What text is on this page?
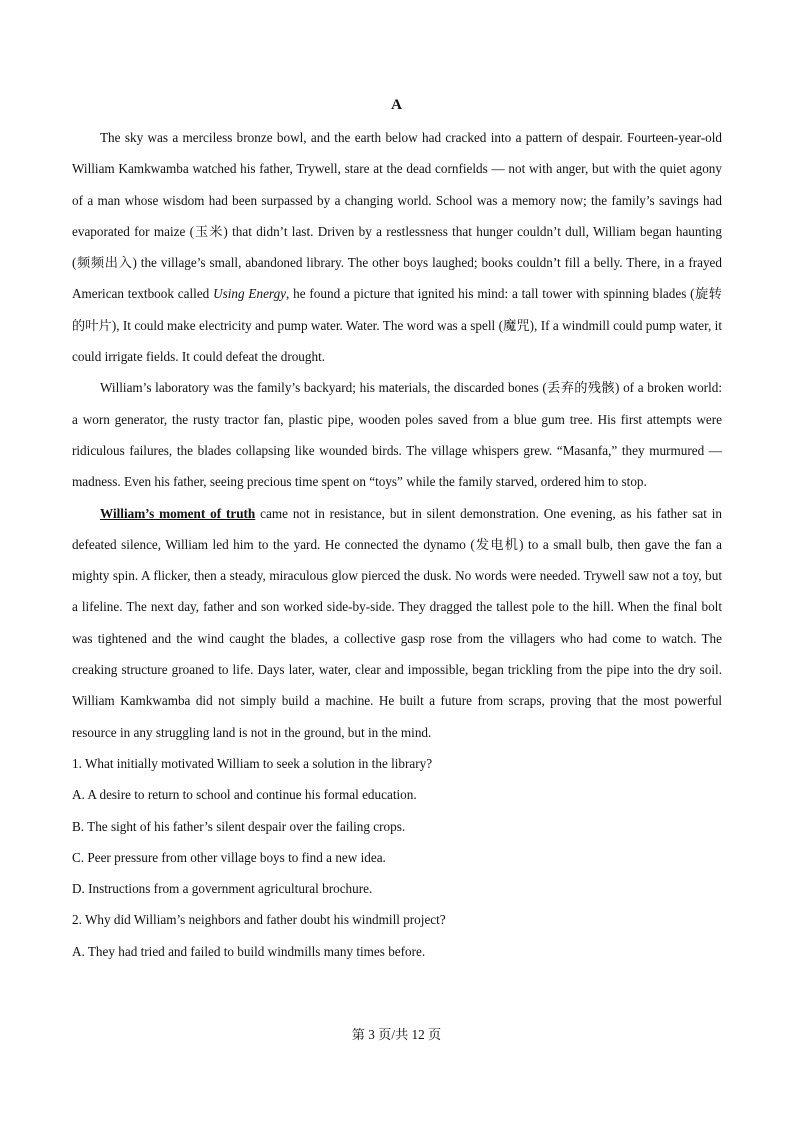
A

The sky was a merciless bronze bowl, and the earth below had cracked into a pattern of despair. Fourteen-year-old William Kamkwamba watched his father, Trywell, stare at the dead cornfields — not with anger, but with the quiet agony of a man whose wisdom had been surpassed by a changing world. School was a memory now; the family’s savings had evaporated for maize (玉米) that didn’t last. Driven by a restlessness that hunger couldn’t dull, William began haunting (频频出入) the village’s small, abandoned library. The other boys laughed; books couldn’t fill a belly. There, in a frayed American textbook called Using Energy, he found a picture that ignited his mind: a tall tower with spinning blades (旋转的叶片), It could make electricity and pump water. Water. The word was a spell (魔咒), If a windmill could pump water, it could irrigate fields. It could defeat the drought.

William’s laboratory was the family’s backyard; his materials, the discarded bones (丢弃的残骸) of a broken world: a worn generator, the rusty tractor fan, plastic pipe, wooden poles saved from a blue gum tree. His first attempts were ridiculous failures, the blades collapsing like wounded birds. The village whispers grew. “Masanfa,” they murmured — madness. Even his father, seeing precious time spent on “toys” while the family starved, ordered him to stop.

William’s moment of truth came not in resistance, but in silent demonstration. One evening, as his father sat in defeated silence, William led him to the yard. He connected the dynamo (发电机) to a small bulb, then gave the fan a mighty spin. A flicker, then a steady, miraculous glow pierced the dusk. No words were needed. Trywell saw not a toy, but a lifeline. The next day, father and son worked side-by-side. They dragged the tallest pole to the hill. When the final bolt was tightened and the wind caught the blades, a collective gasp rose from the villagers who had come to watch. The creaking structure groaned to life. Days later, water, clear and impossible, began trickling from the pipe into the dry soil. William Kamkwamba did not simply build a machine. He built a future from scraps, proving that the most powerful resource in any struggling land is not in the ground, but in the mind.

1. What initially motivated William to seek a solution in the library?

A. A desire to return to school and continue his formal education.

B. The sight of his father’s silent despair over the failing crops.

C. Peer pressure from other village boys to find a new idea.

D. Instructions from a government agricultural brochure.

2. Why did William’s neighbors and father doubt his windmill project?

A. They had tried and failed to build windmills many times before.

第 3 页/共 12 页
